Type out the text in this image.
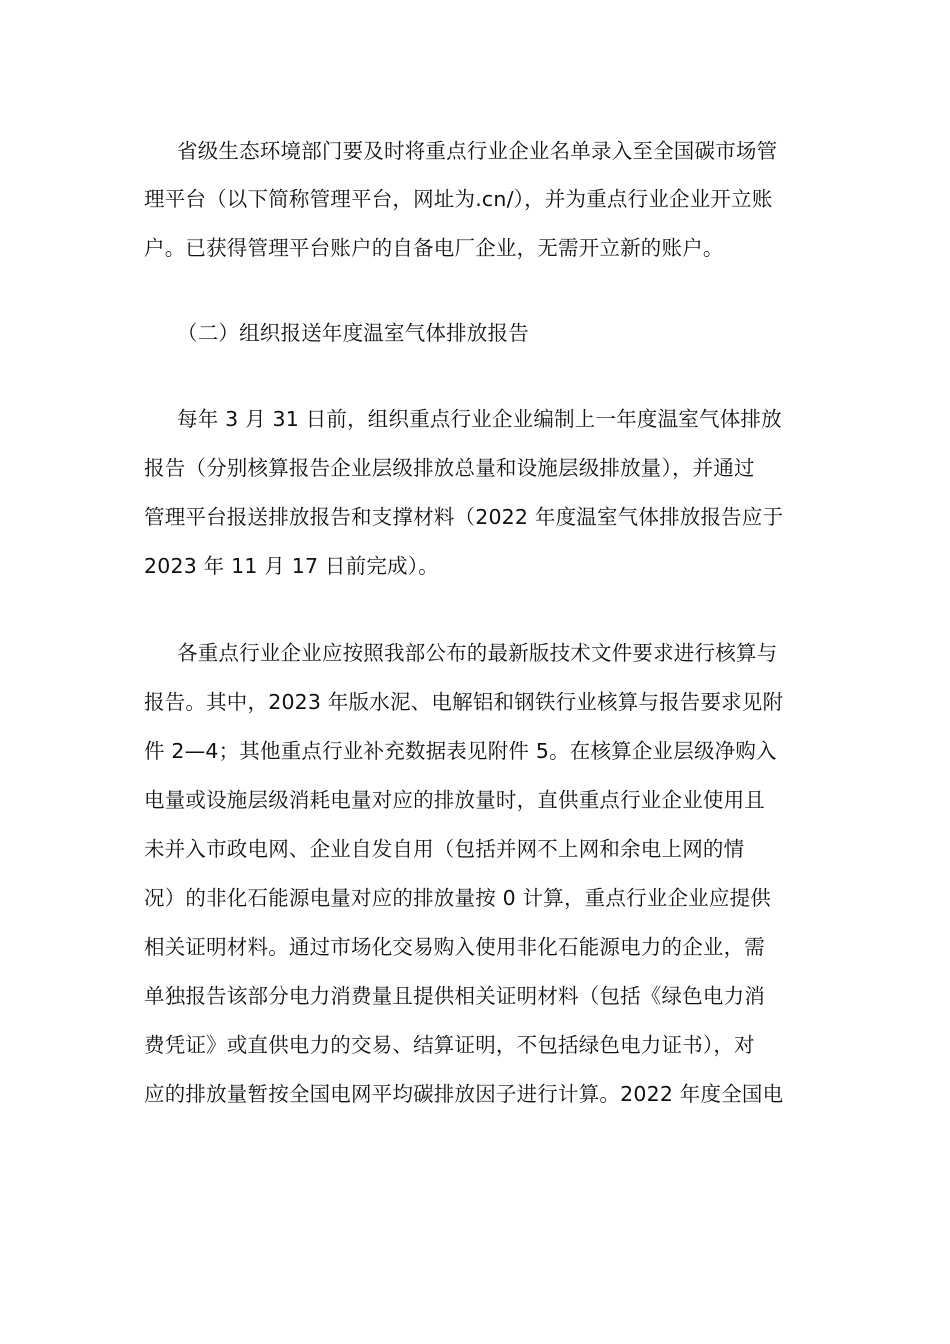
省级生态环境部门要及时将重点行业企业名单录入至全国碳市场管
理平台（以下简称管理平台，网址为.cn/），并为重点行业企业开立账
户。已获得管理平台账户的自备电厂企业，无需开立新的账户。
（二）组织报送年度温室气体排放报告
每年 3 月 31 日前，组织重点行业企业编制上一年度温室气体排放
报告（分别核算报告企业层级排放总量和设施层级排放量），并通过
管理平台报送排放报告和支撑材料（2022 年度温室气体排放报告应于
2023 年 11 月 17 日前完成）。
各重点行业企业应按照我部公布的最新版技术文件要求进行核算与
报告。其中，2023 年版水泥、电解铝和钢铁行业核算与报告要求见附
件 2—4；其他重点行业补充数据表见附件 5。在核算企业层级净购入
电量或设施层级消耗电量对应的排放量时，直供重点行业企业使用且
未并入市政电网、企业自发自用（包括并网不上网和余电上网的情
况）的非化石能源电量对应的排放量按 0 计算，重点行业企业应提供
相关证明材料。通过市场化交易购入使用非化石能源电力的企业，需
单独报告该部分电力消费量且提供相关证明材料（包括《绿色电力消
费凭证》或直供电力的交易、结算证明，不包括绿色电力证书），对
应的排放量暂按全国电网平均碳排放因子进行计算。2022 年度全国电
